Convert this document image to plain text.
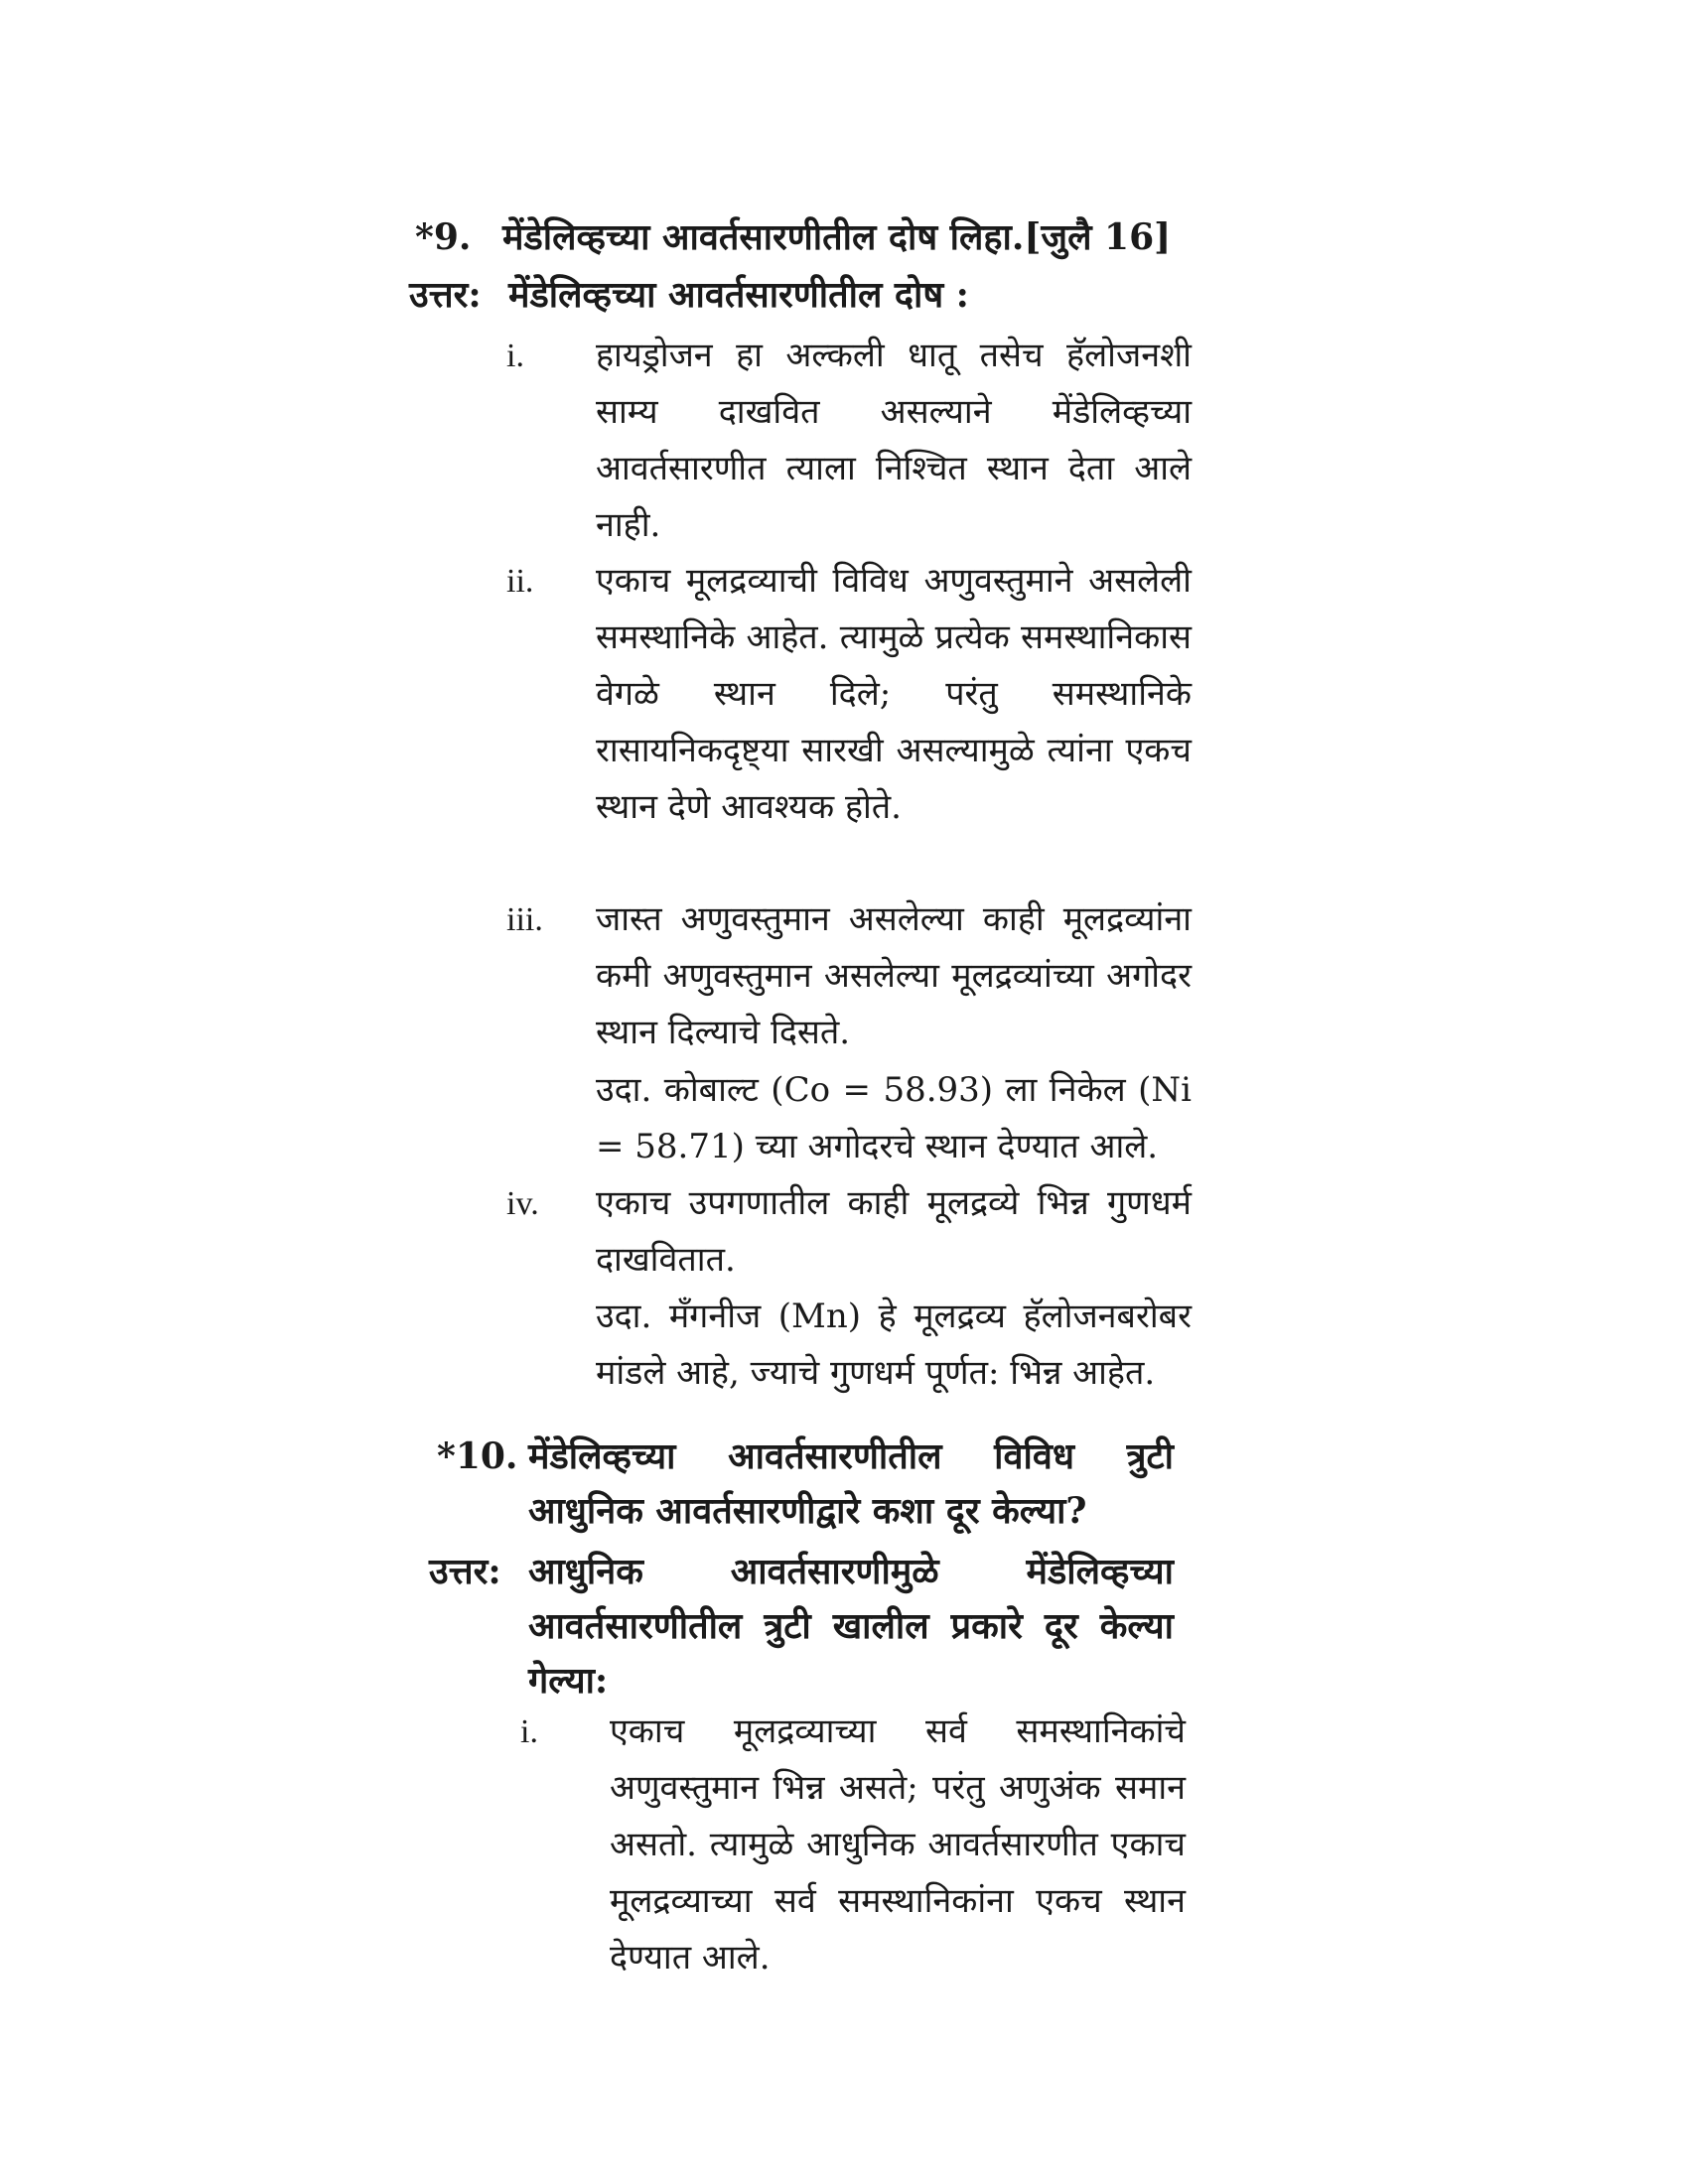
*9. मेंडेलिव्हच्या आवर्तसारणीतील दोष लिहा.[जुलै 16]
उत्तर: मेंडेलिव्हच्या आवर्तसारणीतील दोष :
i. हायड्रोजन हा अल्कली धातू तसेच हॅलोजनशी साम्य दाखवित असल्याने मेंडेलिव्हच्या आवर्तसारणीत त्याला निश्चित स्थान देता आले नाही.
ii. एकाच मूलद्रव्याची विविध अणुवस्तुमाने असलेली समस्थानिके आहेत. त्यामुळे प्रत्येक समस्थानिकास वेगळे स्थान दिले; परंतु समस्थानिके रासायनिकदृष्ट्या सारखी असल्यामुळे त्यांना एकच स्थान देणे आवश्यक होते.
iii. जास्त अणुवस्तुमान असलेल्या काही मूलद्रव्यांना कमी अणुवस्तुमान असलेल्या मूलद्रव्यांच्या अगोदर स्थान दिल्याचे दिसते.
उदा. कोबाल्ट (Co = 58.93) ला निकेल (Ni = 58.71) च्या अगोदरचे स्थान देण्यात आले.
iv. एकाच उपगणातील काही मूलद्रव्ये भिन्न गुणधर्म दाखवितात.
उदा. मँगनीज (Mn) हे मूलद्रव्य हॅलोजनबरोबर मांडले आहे, ज्याचे गुणधर्म पूर्णत: भिन्न आहेत.
*10. मेंडेलिव्हच्या आवर्तसारणीतील विविध त्रुटी आधुनिक आवर्तसारणीद्वारे कशा दूर केल्या?
उत्तर: आधुनिक आवर्तसारणीमुळे मेंडेलिव्हच्या आवर्तसारणीतील त्रुटी खालील प्रकारे दूर केल्या गेल्या:
i. एकाच मूलद्रव्याच्या सर्व समस्थानिकांचे अणुवस्तुमान भिन्न असते; परंतु अणुअंक समान असतो. त्यामुळे आधुनिक आवर्तसारणीत एकाच मूलद्रव्याच्या सर्व समस्थानिकांना एकच स्थान देण्यात आले.
